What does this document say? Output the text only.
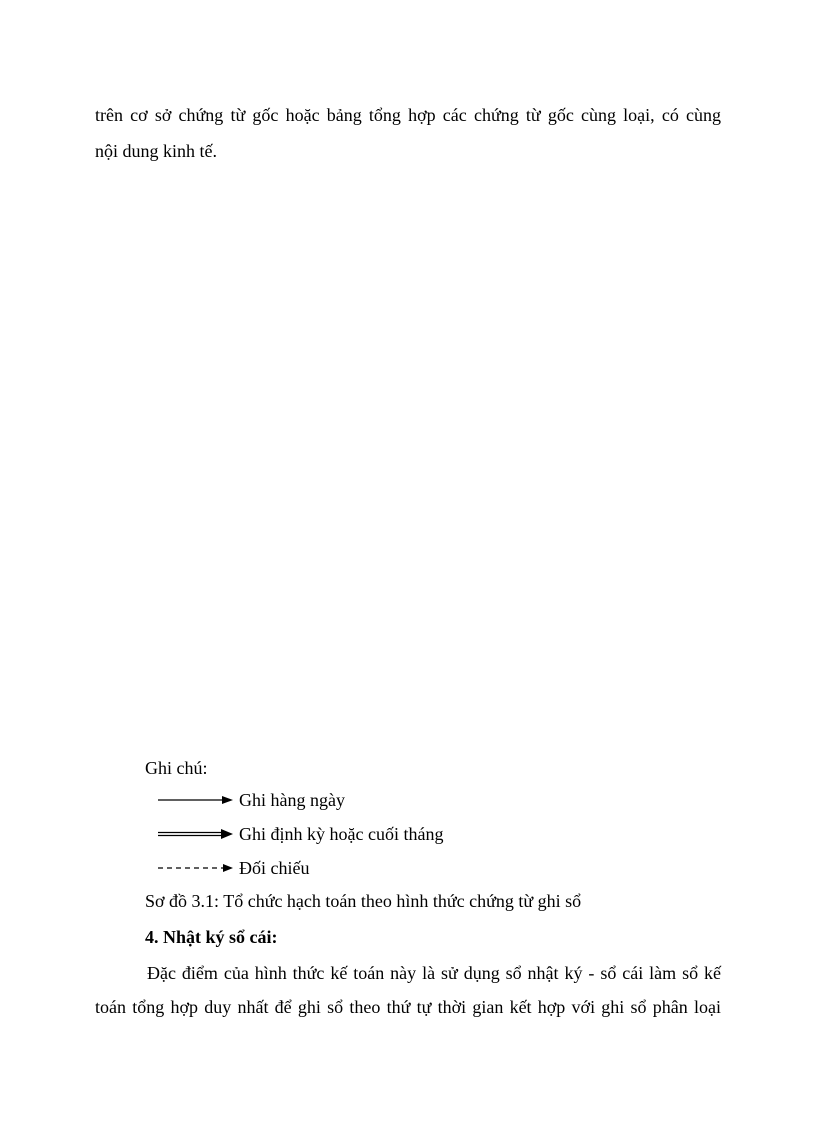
trên cơ sở chứng từ gốc hoặc bảng tổng hợp các chứng từ gốc cùng loại, có cùng
nội dung kinh tế.
Ghi chú:
Ghi hàng ngày
Ghi định kỳ hoặc cuối tháng
Đối chiếu
Sơ đồ 3.1: Tổ chức hạch toán theo hình thức chứng từ ghi sổ
4. Nhật ký sổ cái:
Đặc điểm của hình thức kế toán này là sử dụng sổ nhật ký - sổ cái làm sổ kế
toán tổng hợp duy nhất để ghi sổ theo thứ tự thời gian kết hợp với ghi sổ phân loại
